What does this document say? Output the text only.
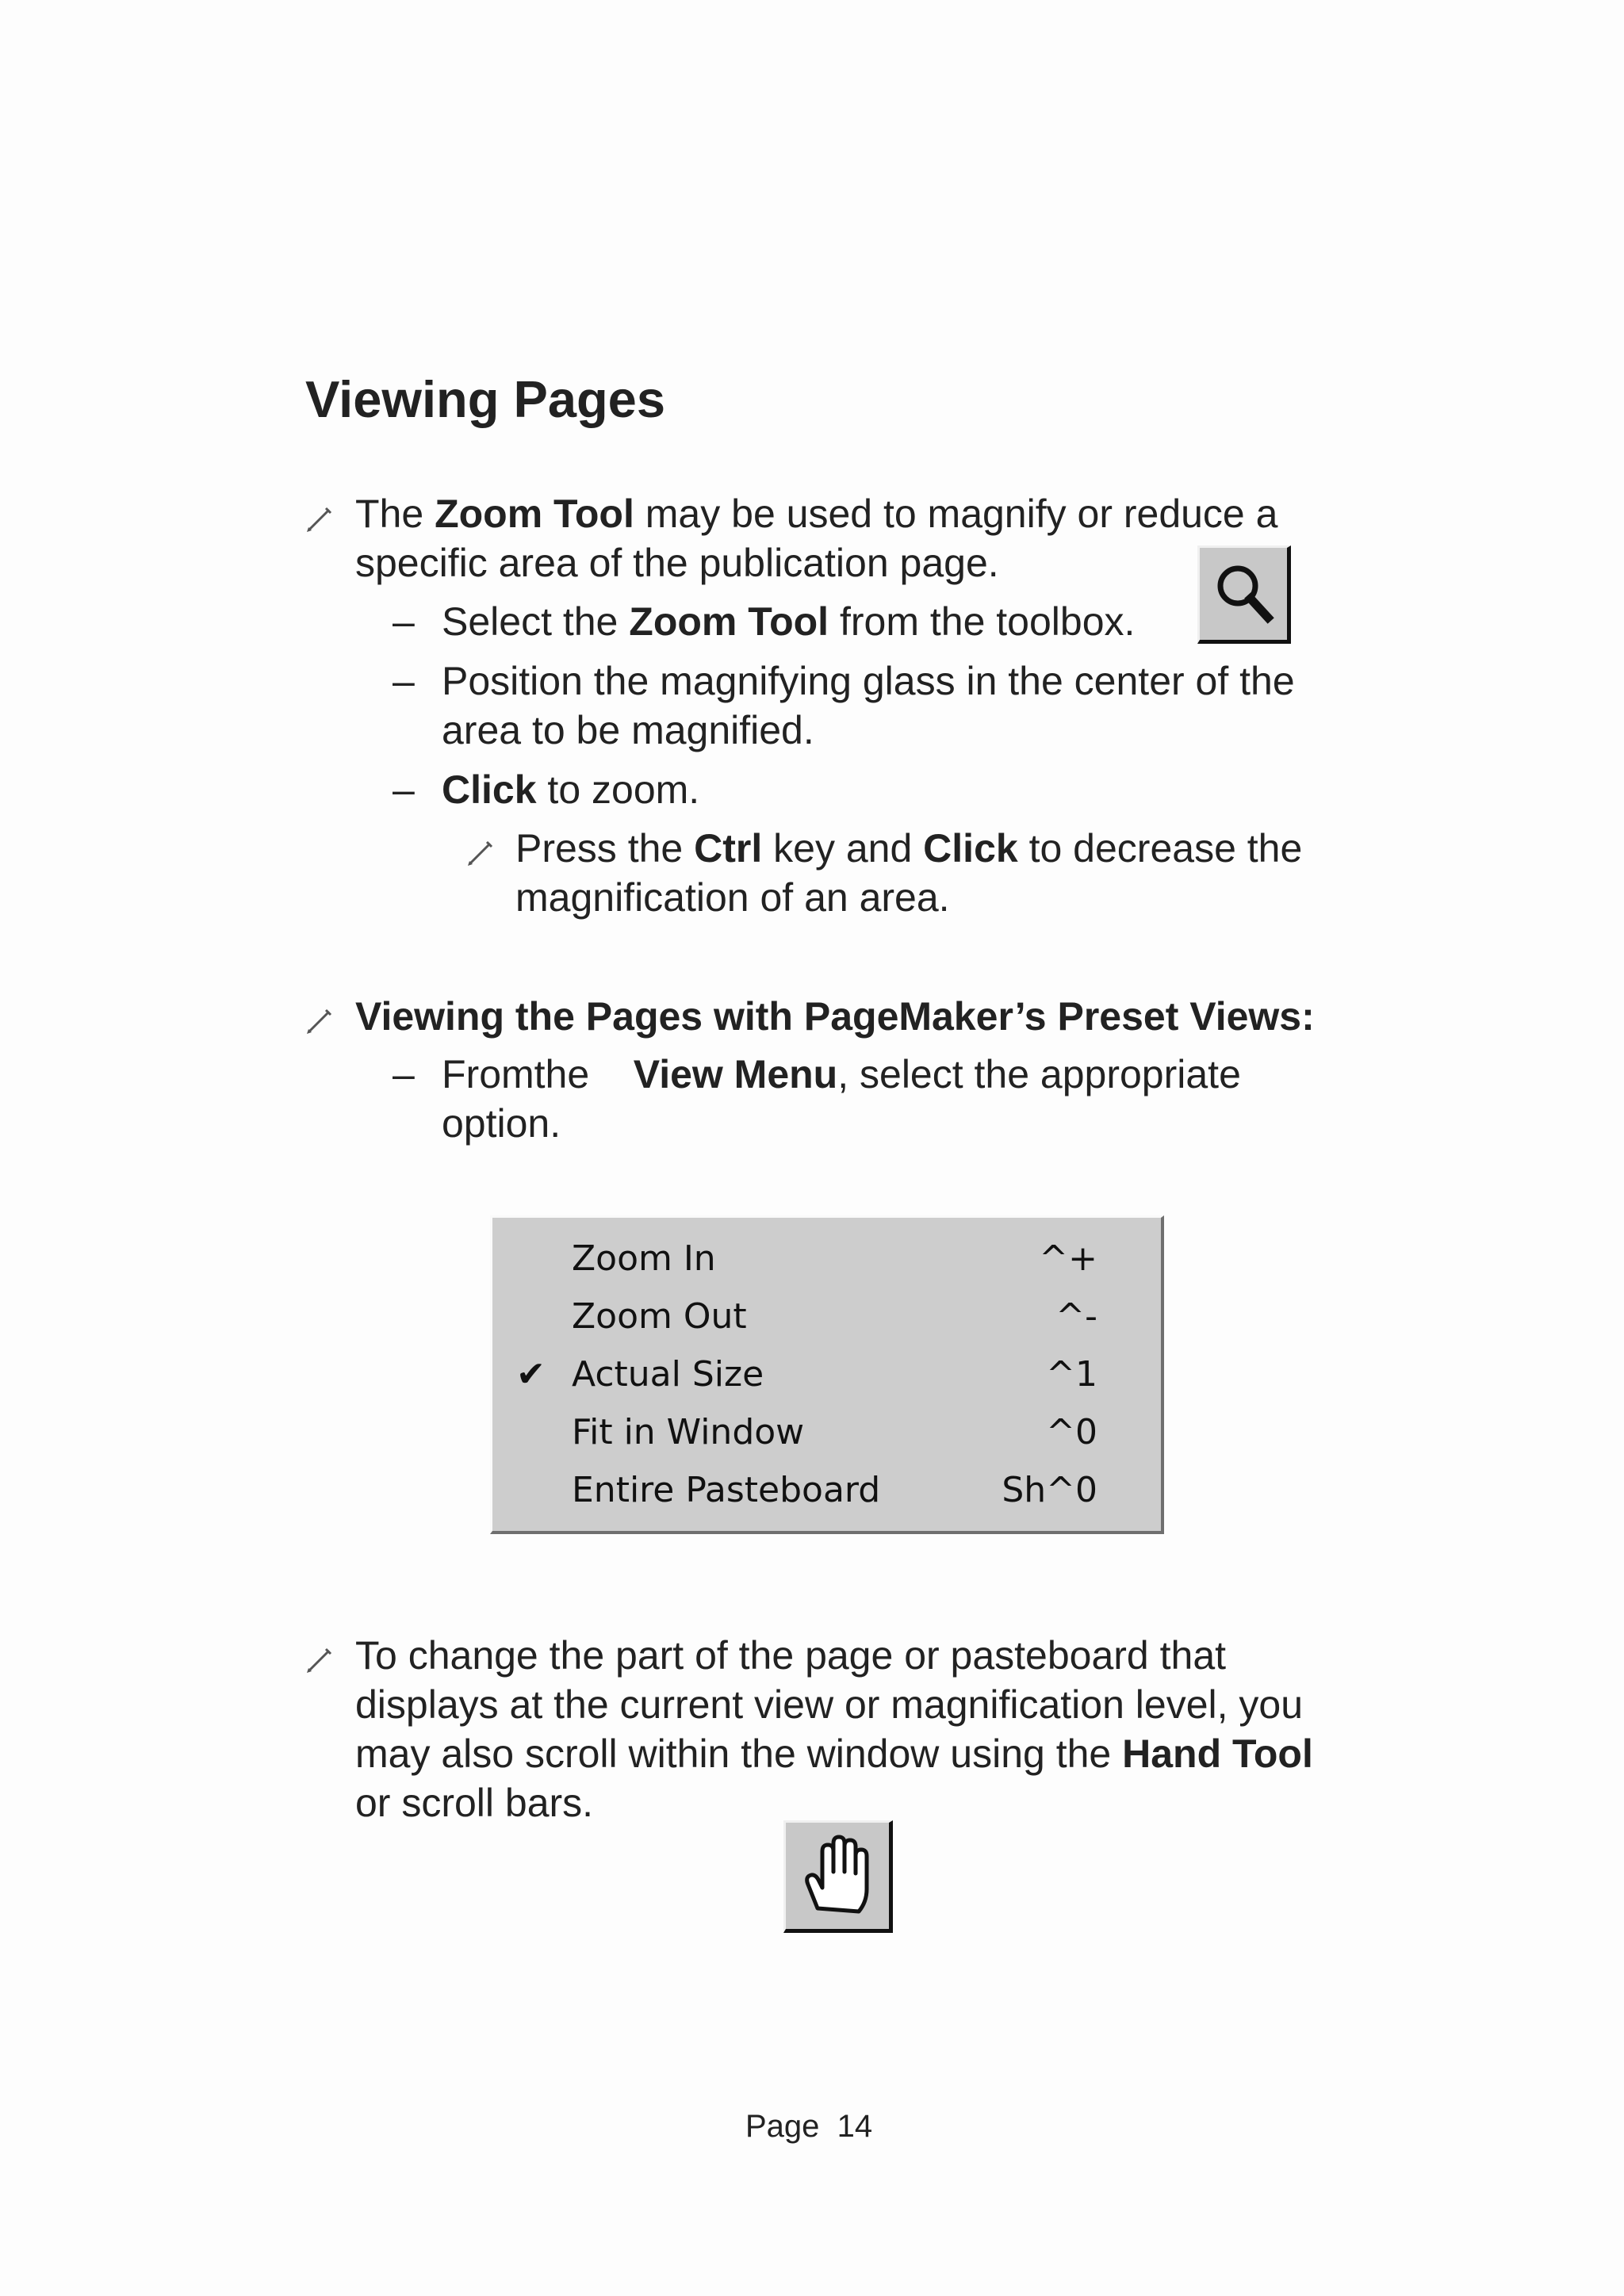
Viewing Pages
The Zoom Tool may be used to magnify or reduce a
specific area of the publication page.
– Select the Zoom Tool from the toolbox.
– Position the magnifying glass in the center of the
area to be magnified.
– Click to zoom.
Press the Ctrl key and Click to decrease the
magnification of an area.
Viewing the Pages with PageMaker’s Preset Views:
– Fromthe View Menu, select the appropriate
option.
Zoom In	^+
Zoom Out	^-
✔ Actual Size	^1
Fit in Window	^0
Entire Pasteboard	Sh^0
To change the part of the page or pasteboard that
displays at the current view or magnification level, you
may also scroll within the window using the Hand Tool
or scroll bars.
Page  14
